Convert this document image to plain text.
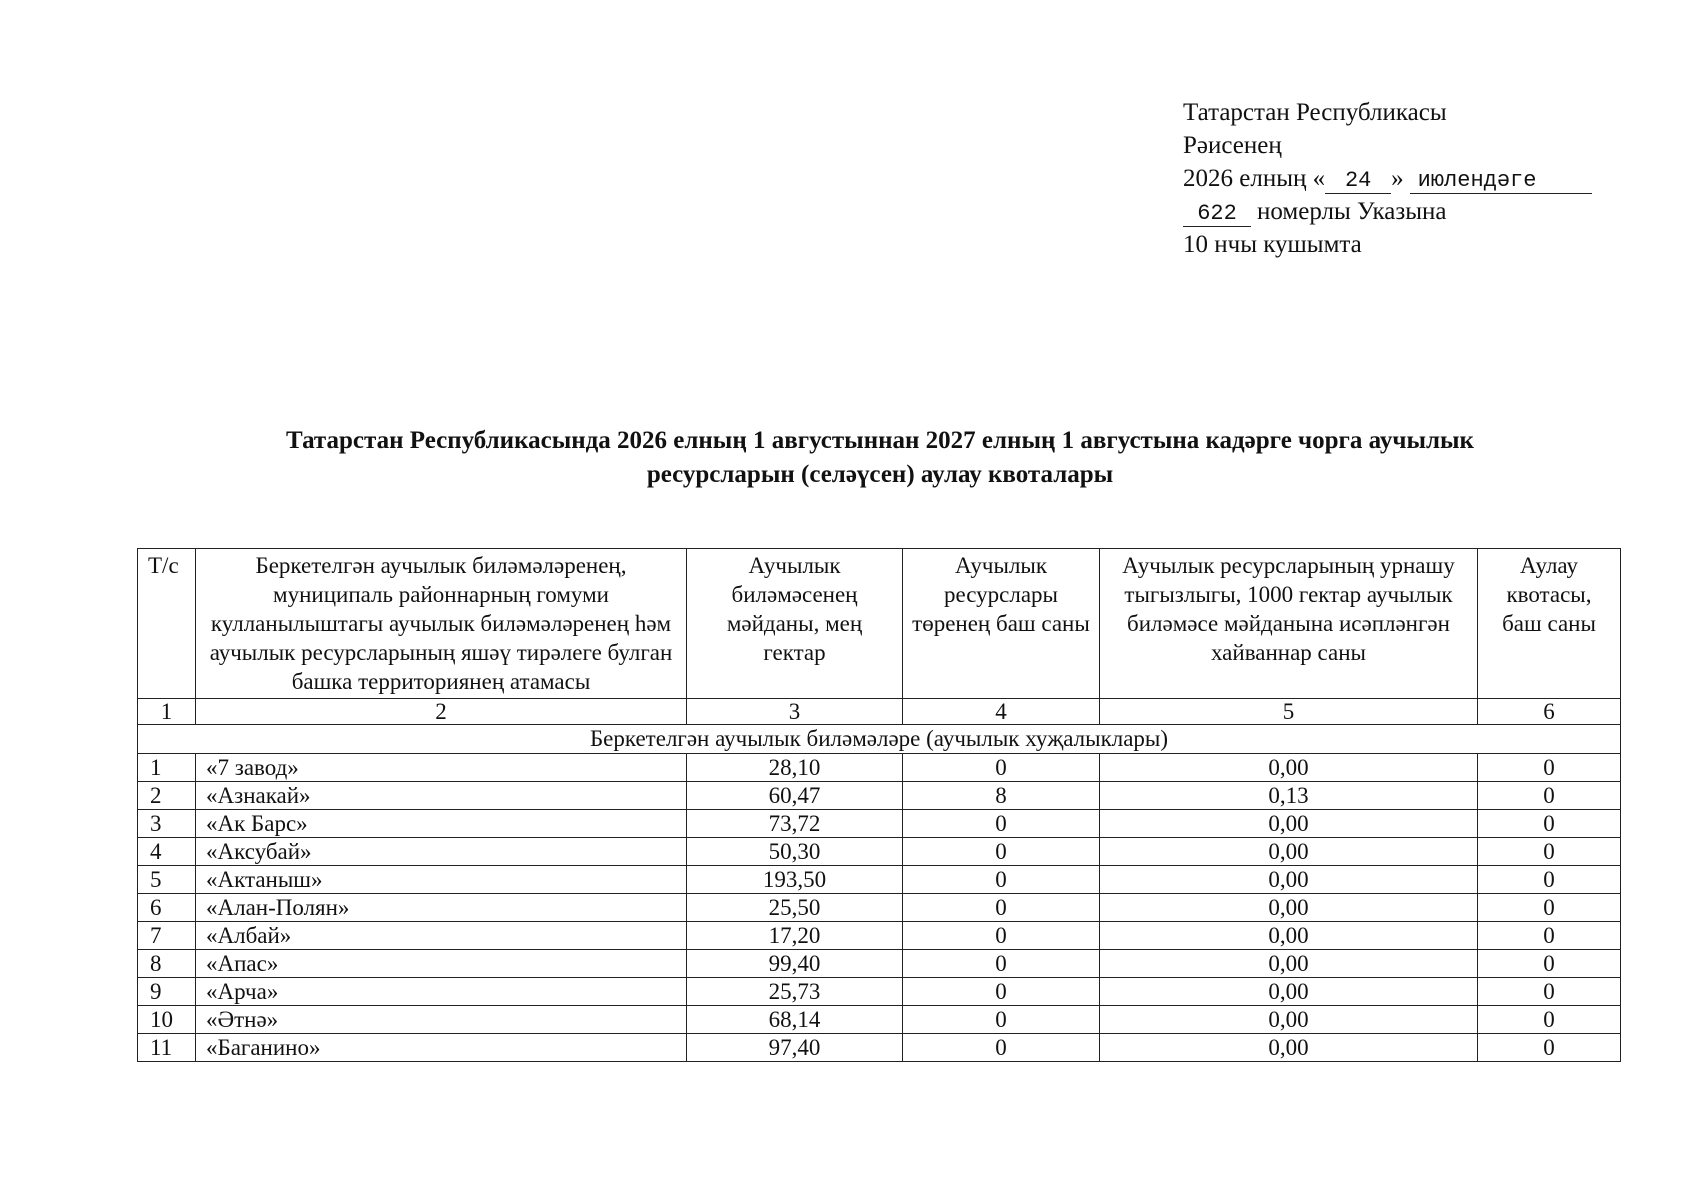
Татарстан Республикасы
Рәисенең
2026 елның « 24 » июлендәге
622 номерлы Указына
10 нчы кушымта
Татарстан Республикасында 2026 елның 1 августыннан 2027 елның 1 августына кадәрге чорга аучылык
ресурсларын (селәүсен) аулау квоталары
Т/с	Беркетелгән аучылык биләмәләренең, муниципаль районнарның гомуми кулланылыштагы аучылык биләмәләренең һәм аучылык ресурсларының яшәү тирәлеге булган башка территориянең атамасы	Аучылык биләмәсенең мәйданы, мең гектар	Аучылык ресурслары төренең баш саны	Аучылык ресурсларының урнашу тыгызлыгы, 1000 гектар аучылык биләмәсе мәйданына исәпләнгән хайваннар саны	Аулау квотасы, баш саны
1	2	3	4	5	6
Беркетелгән аучылык биләмәләре (аучылык хуҗалыклары)					
1	«7 завод»	28,10	0	0,00	0
2	«Азнакай»	60,47	8	0,13	0
3	«Ак Барс»	73,72	0	0,00	0
4	«Аксубай»	50,30	0	0,00	0
5	«Актаныш»	193,50	0	0,00	0
6	«Алан-Полян»	25,50	0	0,00	0
7	«Албай»	17,20	0	0,00	0
8	«Апас»	99,40	0	0,00	0
9	«Арча»	25,73	0	0,00	0
10	«Әтнә»	68,14	0	0,00	0
11	«Баганино»	97,40	0	0,00	0
